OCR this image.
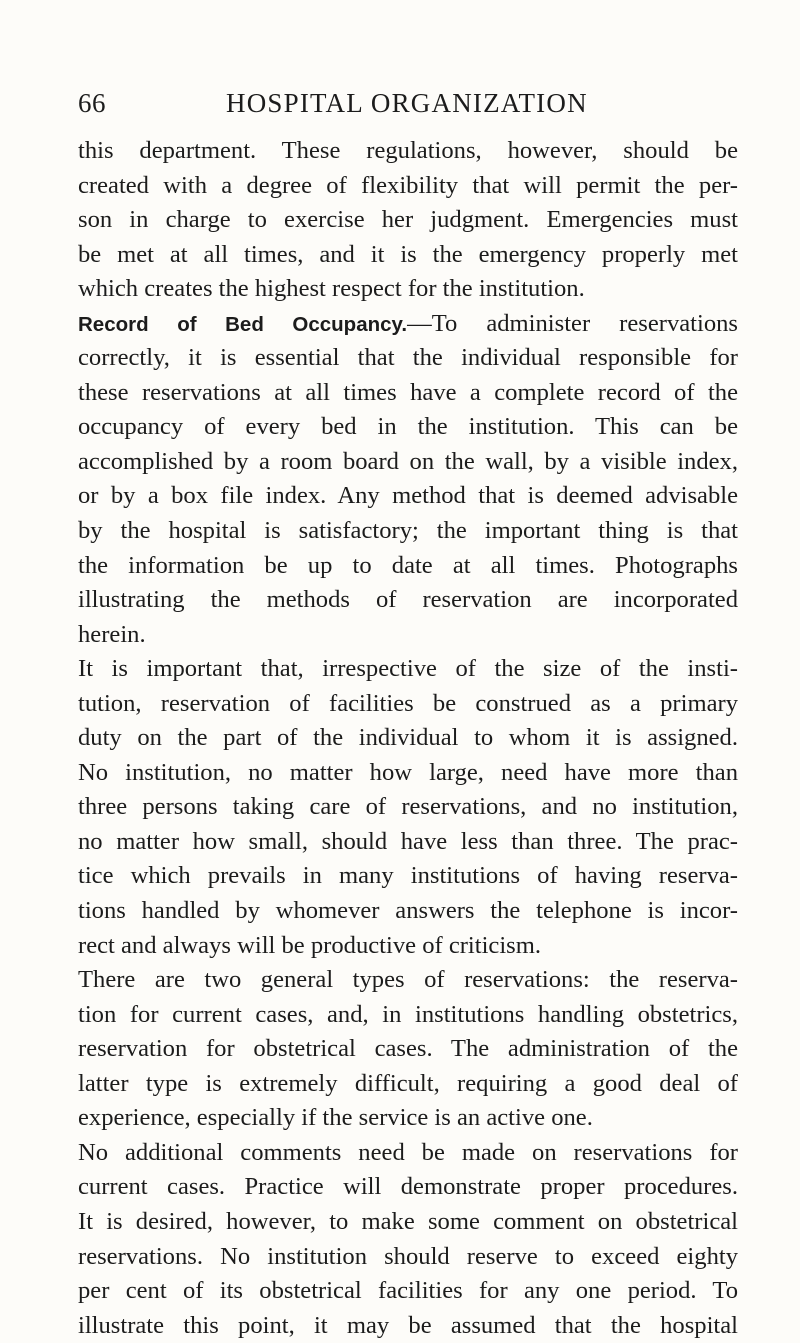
66	HOSPITAL ORGANIZATION
this department. These regulations, however, should be
created with a degree of flexibility that will permit the per-
son in charge to exercise her judgment. Emergencies must
be met at all times, and it is the emergency properly met
which creates the highest respect for the institution.
Record of Bed Occupancy.—To administer reservations
correctly, it is essential that the individual responsible for
these reservations at all times have a complete record of the
occupancy of every bed in the institution. This can be
accomplished by a room board on the wall, by a visible index,
or by a box file index. Any method that is deemed advisable
by the hospital is satisfactory; the important thing is that
the information be up to date at all times. Photographs
illustrating the methods of reservation are incorporated
herein.
It is important that, irrespective of the size of the insti-
tution, reservation of facilities be construed as a primary
duty on the part of the individual to whom it is assigned.
No institution, no matter how large, need have more than
three persons taking care of reservations, and no institution,
no matter how small, should have less than three. The prac-
tice which prevails in many institutions of having reserva-
tions handled by whomever answers the telephone is incor-
rect and always will be productive of criticism.
There are two general types of reservations: the reserva-
tion for current cases, and, in institutions handling obstetrics,
reservation for obstetrical cases. The administration of the
latter type is extremely difficult, requiring a good deal of
experience, especially if the service is an active one.
No additional comments need be made on reservations for
current cases. Practice will demonstrate proper procedures.
It is desired, however, to make some comment on obstetrical
reservations. No institution should reserve to exceed eighty
per cent of its obstetrical facilities for any one period. To
illustrate this point, it may be assumed that the hospital
